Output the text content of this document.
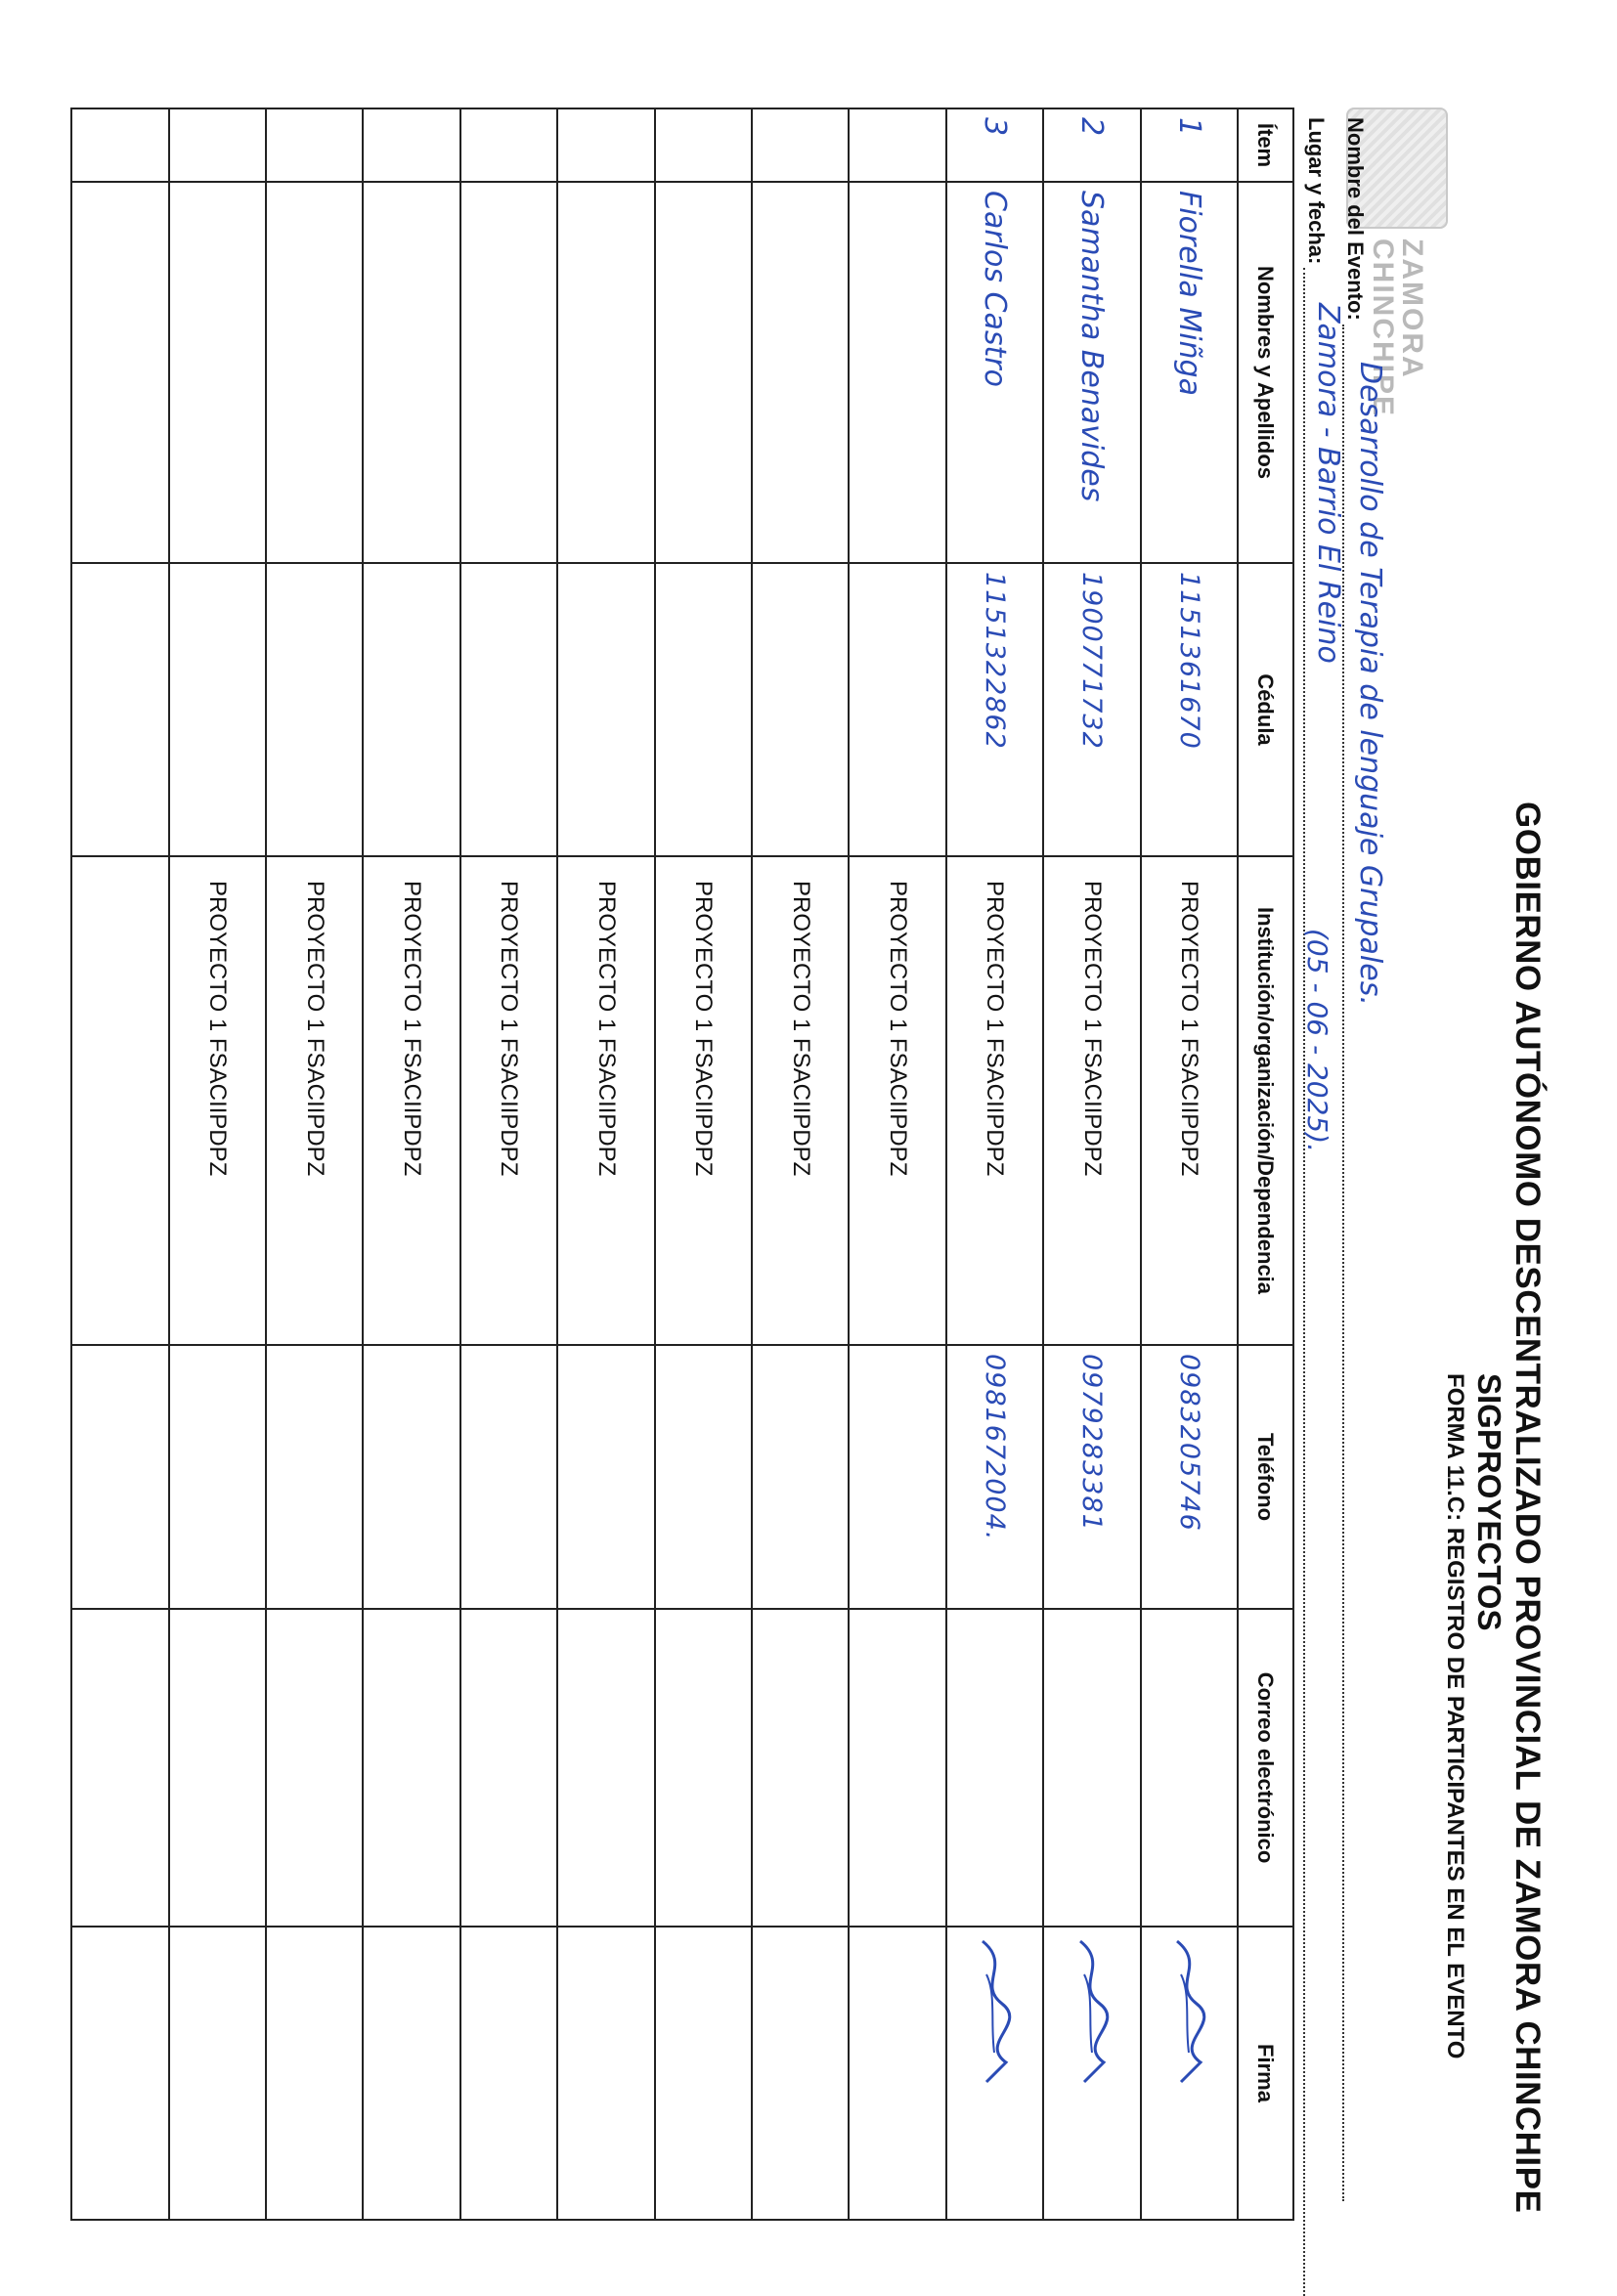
ZAMORA
CHINCHIPE
GOBIERNO AUTÓNOMO DESCENTRALIZADO PROVINCIAL DE ZAMORA CHINCHIPE
SIGPROYECTOS
FORMA 11.C: REGISTRO DE PARTICIPANTES EN EL EVENTO
Nombre del Evento:
Desarrollo de Terapia de lenguaje Grupales.
Lugar y fecha:
Zamora - Barrio El Reino
(05 - 06 - 2025).
Ítem	Nombres y Apellidos	Cédula	Institución/organización/Dependencia	Teléfono	Correo electrónico	Firma
1	Fiorella Miñga	1151361670	PROYECTO 1 FSACIIPDPZ	0983205746		
2	Samantha Benavides	1900771732	PROYECTO 1 FSACIIPDPZ	0979283381		
3	Carlos Castro	1151322862	PROYECTO 1 FSACIIPDPZ	0981672004.		
			PROYECTO 1 FSACIIPDPZ			
			PROYECTO 1 FSACIIPDPZ			
			PROYECTO 1 FSACIIPDPZ			
			PROYECTO 1 FSACIIPDPZ			
			PROYECTO 1 FSACIIPDPZ			
			PROYECTO 1 FSACIIPDPZ			
			PROYECTO 1 FSACIIPDPZ			
			PROYECTO 1 FSACIIPDPZ			
